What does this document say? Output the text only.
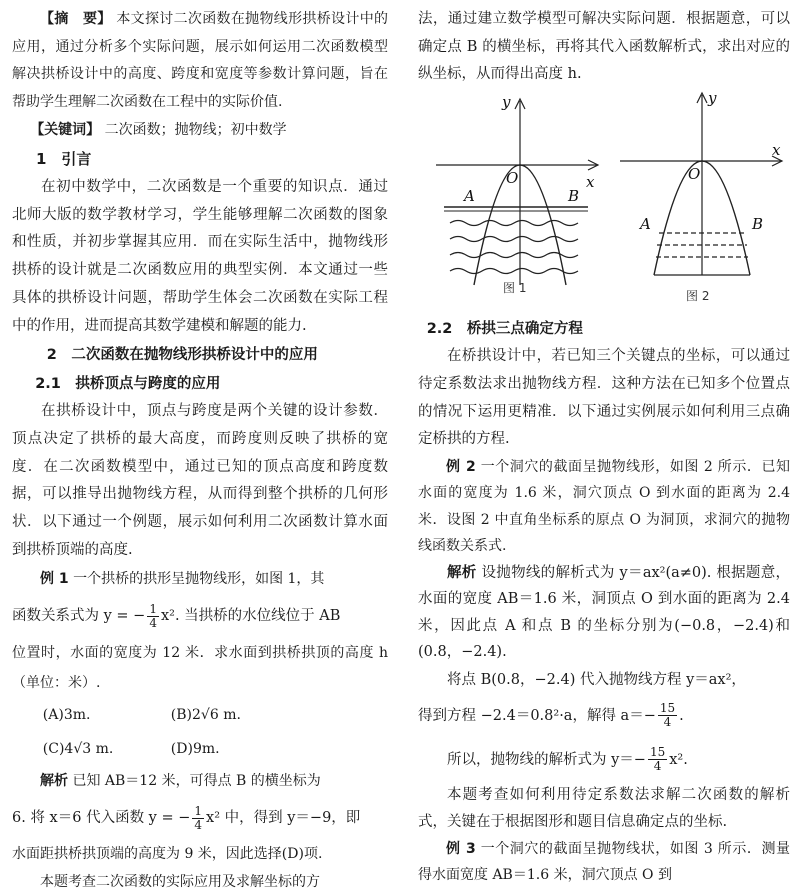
【摘　要】 本文探讨二次函数在抛物线形拱桥设计中的应用，通过分析多个实际问题，展示如何运用二次函数模型解决拱桥设计中的高度、跨度和宽度等参数计算问题，旨在帮助学生理解二次函数在工程中的实际价值.

【关键词】 二次函数；抛物线；初中数学

1　引言

在初中数学中，二次函数是一个重要的知识点．通过北师大版的数学教材学习，学生能够理解二次函数的图象和性质，并初步掌握其应用．而在实际生活中，抛物线形拱桥的设计就是二次函数应用的典型实例．本文通过一些具体的拱桥设计问题，帮助学生体会二次函数在实际工程中的作用，进而提高其数学建模和解题的能力.

2　二次函数在抛物线形拱桥设计中的应用

2.1　拱桥顶点与跨度的应用

在拱桥设计中，顶点与跨度是两个关键的设计参数．顶点决定了拱桥的最大高度，而跨度则反映了拱桥的宽度．在二次函数模型中，通过已知的顶点高度和跨度数据，可以推导出抛物线方程，从而得到整个拱桥的几何形状．以下通过一个例题，展示如何利用二次函数计算水面到拱桥顶端的高度.

例 1 一个拱桥的拱形呈抛物线形，如图 1，其

函数关系式为 y = − $\frac{1}{4} x^2$. 当拱桥的水位线位于 AB

位置时，水面的宽度为 12 米．求水面到拱桥拱顶的高度 h（单位：米）.

(A)3m.	(B)2√6 m.
(C)4√3 m.	(D)9m.

解析 已知 AB＝12 米，可得点 B 的横坐标为

6. 将 x＝6 代入函数 y = − $\frac{1}{4} x^2$ 中，得到 y＝−9，即

水面距拱桥拱顶端的高度为 9 米，因此选择(D)项.

本题考查二次函数的实际应用及求解坐标的方

法，通过建立数学模型可解决实际问题．根据题意，可以确定点 B 的横坐标，再将其代入函数解析式，求出对应的纵坐标，从而得出高度 h.

y
x
O
A	B
图 1
y
x
O
A	B
图 2

2.2　桥拱三点确定方程

在桥拱设计中，若已知三个关键点的坐标，可以通过待定系数法求出抛物线方程．这种方法在已知多个位置点的情况下运用更精准．以下通过实例展示如何利用三点确定桥拱的方程.

例 2 一个洞穴的截面呈抛物线形，如图 2 所示．已知水面的宽度为 1.6 米，洞穴顶点 O 到水面的距离为 2.4 米．设图 2 中直角坐标系的原点 O 为洞顶，求洞穴的抛物线函数关系式.

解析 设抛物线的解析式为 y＝ax²(a≠0). 根据题意，水面的宽度 AB＝1.6 米，洞顶点 O 到水面的距离为 2.4 米，因此点 A 和点 B 的坐标分别为(−0.8，−2.4)和(0.8，−2.4).

将点 B(0.8，−2.4) 代入抛物线方程 y＝ax²，

得到方程 −2.4＝0.8²·a，解得 $a=- \frac{15}{4}$ .

所以，抛物线的解析式为 $y=- \frac{15}{4} x^2$.

本题考查如何利用待定系数法求解二次函数的解析式，关键在于根据图形和题目信息确定点的坐标.

例 3 一个洞穴的截面呈抛物线状，如图 3 所示．测量得水面宽度 AB＝1.6 米，洞穴顶点 O 到
